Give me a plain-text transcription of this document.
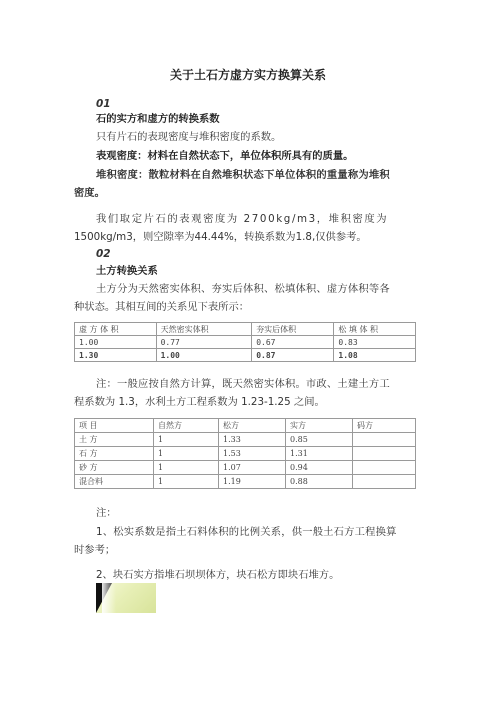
关于土石方虚方实方换算关系
01
石的实方和虚方的转换系数
只有片石的表现密度与堆积密度的系数。
表观密度：材料在自然状态下，单位体积所具有的质量。
堆积密度：散粒材料在自然堆积状态下单位体积的重量称为堆积
密度。
我们取定片石的表观密度为 2700kg/m3，堆积密度为
1500kg/m3，则空隙率为44.44%，转换系数为1.8,仅供参考。
02
土方转换关系
土方分为天然密实体积、夯实后体积、松填体积、虚方体积等各
种状态。其相互间的关系见下表所示：
虚 方 体 积	天然密实体积	夯实后体积	松 填 体 积
1.00	0.77	0.67	0.83
1.30	1.00	0.87	1.08
注：一般应按自然方计算，既天然密实体积。市政、土建土方工
程系数为 1.3，水利土方工程系数为 1.23-1.25 之间。
项 目	自然方	松方	实方	码方
土 方	1	1.33	0.85	
石 方	1	1.53	1.31	
砂 方	1	1.07	0.94	
混合料	1	1.19	0.88	
注：
1、松实系数是指土石料体积的比例关系，供一般土石方工程换算
时参考；
2、块石实方指堆石坝坝体方，块石松方即块石堆方。
